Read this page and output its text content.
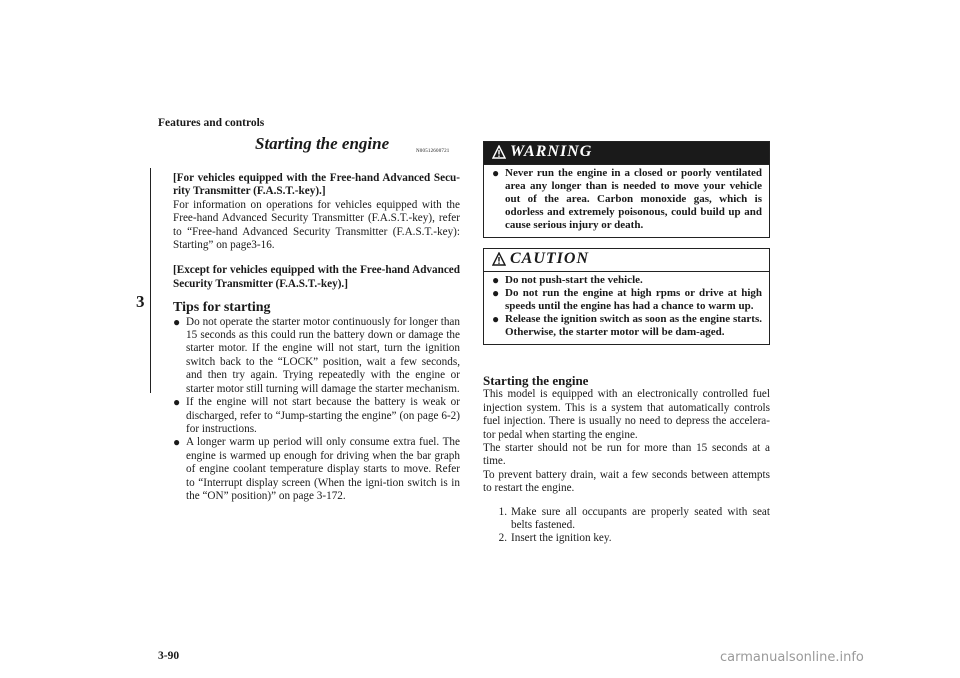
Features and controls
3
Starting the engine	N00512600721

[For vehicles equipped with the Free-hand Advanced Secu-rity Transmitter (F.A.S.T.-key).]

For information on operations for vehicles equipped with the Free-hand Advanced Security Transmitter (F.A.S.T.-key), refer to “Free-hand Advanced Security Transmitter (F.A.S.T.-key): Starting” on page3-16.

[Except for vehicles equipped with the Free-hand Advanced Security Transmitter (F.A.S.T.-key).]

Tips for starting
● Do not operate the starter motor continuously for longer than 15 seconds as this could run the battery down or damage the starter motor. If the engine will not start, turn the ignition switch back to the “LOCK” position, wait a few seconds, and then try again. Trying repeatedly with the engine or starter motor still turning will damage the starter mechanism.
● If the engine will not start because the battery is weak or discharged, refer to “Jump-starting the engine” (on page 6-2) for instructions.
● A longer warm up period will only consume extra fuel. The engine is warmed up enough for driving when the bar graph of engine coolant temperature display starts to move. Refer to “Interrupt display screen (When the igni-tion switch is in the “ON” position)” on page 3-172.
WARNING
● Never run the engine in a closed or poorly ventilated area any longer than is needed to move your vehicle out of the area. Carbon monoxide gas, which is odorless and extremely poisonous, could build up and cause serious injury or death.
CAUTION
● Do not push-start the vehicle.
● Do not run the engine at high rpms or drive at high speeds until the engine has had a chance to warm up.
● Release the ignition switch as soon as the engine starts. Otherwise, the starter motor will be dam-aged.
Starting the engine

This model is equipped with an electronically controlled fuel injection system. This is a system that automatically controls fuel injection. There is usually no need to depress the accelera-tor pedal when starting the engine.

The starter should not be run for more than 15 seconds at a time.

To prevent battery drain, wait a few seconds between attempts to restart the engine.

1. Make sure all occupants are properly seated with seat belts fastened.
2. Insert the ignition key.
3-90	carmanualsonline.info
